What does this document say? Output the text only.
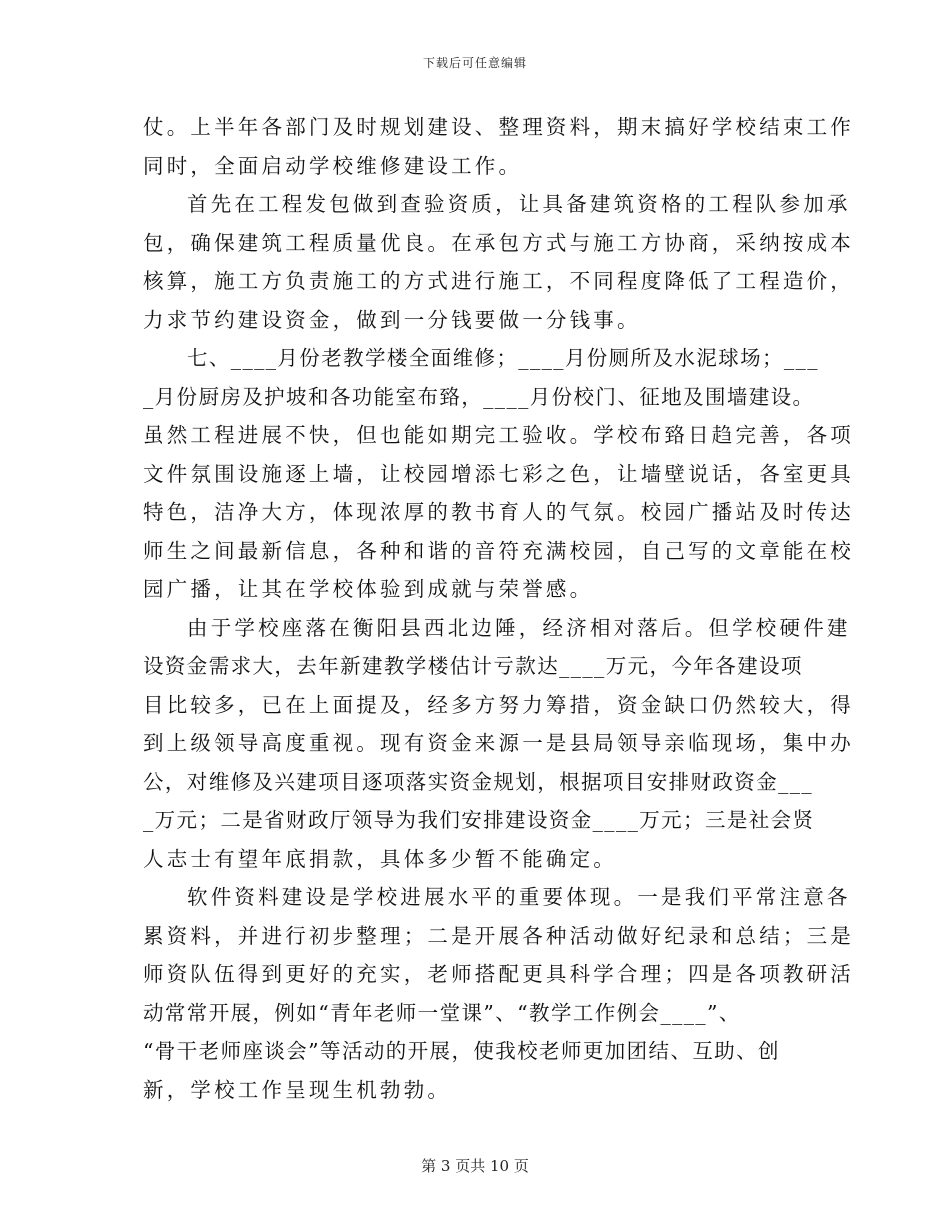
下载后可任意编辑
仗。上半年各部门及时规划建设、整理资料，期末搞好学校结束工作
同时，全面启动学校维修建设工作。
首先在工程发包做到查验资质，让具备建筑资格的工程队参加承
包，确保建筑工程质量优良。在承包方式与施工方协商，采纳按成本
核算，施工方负责施工的方式进行施工，不同程度降低了工程造价，
力求节约建设资金，做到一分钱要做一分钱事。
七、____月份老教学楼全面维修；____月份厕所及水泥球场；___
_月份厨房及护坡和各功能室布臵，____月份校门、征地及围墙建设。
虽然工程进展不快，但也能如期完工验收。学校布臵日趋完善，各项
文件氛围设施逐上墙，让校园增添七彩之色，让墙壁说话，各室更具
特色，洁净大方，体现浓厚的教书育人的气氛。校园广播站及时传达
师生之间最新信息，各种和谐的音符充满校园，自己写的文章能在校
园广播，让其在学校体验到成就与荣誉感。
由于学校座落在衡阳县西北边陲，经济相对落后。但学校硬件建
设资金需求大，去年新建教学楼估计亏款达____万元，今年各建设项
目比较多，已在上面提及，经多方努力筹措，资金缺口仍然较大，得
到上级领导高度重视。现有资金来源一是县局领导亲临现场，集中办
公，对维修及兴建项目逐项落实资金规划，根据项目安排财政资金___
_万元；二是省财政厅领导为我们安排建设资金____万元；三是社会贤
人志士有望年底捐款，具体多少暂不能确定。
软件资料建设是学校进展水平的重要体现。一是我们平常注意各
累资料，并进行初步整理；二是开展各种活动做好纪录和总结；三是
师资队伍得到更好的充实，老师搭配更具科学合理；四是各项教研活
动常常开展，例如“青年老师一堂课”、“教学工作例会____”、
“骨干老师座谈会”等活动的开展，使我校老师更加团结、互助、创
新，学校工作呈现生机勃勃。
第 3 页共 10 页
